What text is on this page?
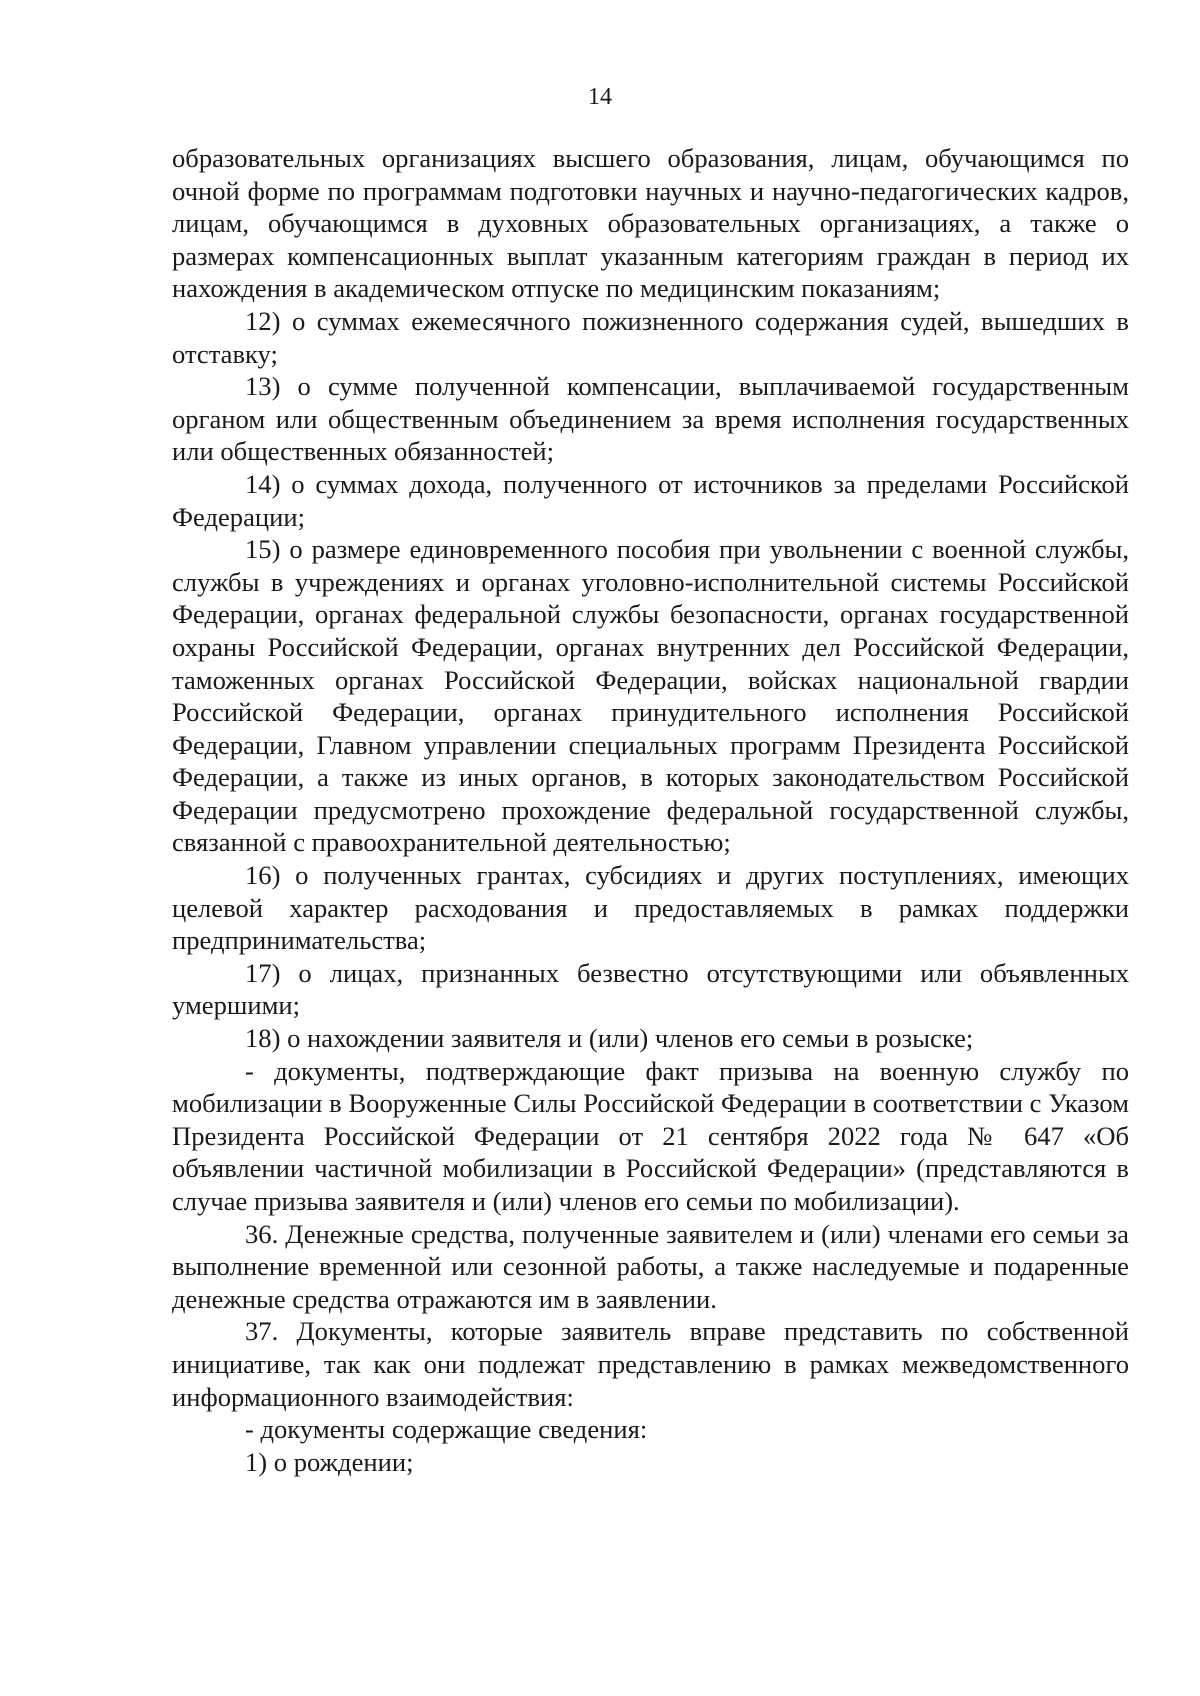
14

образовательных организациях высшего образования, лицам, обучающимся по очной форме по программам подготовки научных и научно-педагогических кадров, лицам, обучающимся в духовных образовательных организациях, а также о размерах компенсационных выплат указанным категориям граждан в период их нахождения в академическом отпуске по медицинским показаниям;

12) о суммах ежемесячного пожизненного содержания судей, вышедших в отставку;

13) о сумме полученной компенсации, выплачиваемой государственным органом или общественным объединением за время исполнения государственных или общественных обязанностей;

14) о суммах дохода, полученного от источников за пределами Российской Федерации;

15) о размере единовременного пособия при увольнении с военной службы, службы в учреждениях и органах уголовно-исполнительной системы Российской Федерации, органах федеральной службы безопасности, органах государственной охраны Российской Федерации, органах внутренних дел Российской Федерации, таможенных органах Российской Федерации, войсках национальной гвардии Российской Федерации, органах принудительного исполнения Российской Федерации, Главном управлении специальных программ Президента Российской Федерации, а также из иных органов, в которых законодательством Российской Федерации предусмотрено прохождение федеральной государственной службы, связанной с правоохранительной деятельностью;

16) о полученных грантах, субсидиях и других поступлениях, имеющих целевой характер расходования и предоставляемых в рамках поддержки предпринимательства;

17) о лицах, признанных безвестно отсутствующими или объявленных умершими;

18) о нахождении заявителя и (или) членов его семьи в розыске;

- документы, подтверждающие факт призыва на военную службу по мобилизации в Вооруженные Силы Российской Федерации в соответствии с Указом Президента Российской Федерации от 21 сентября 2022 года № 647 «Об объявлении частичной мобилизации в Российской Федерации» (представляются в случае призыва заявителя и (или) членов его семьи по мобилизации).

36. Денежные средства, полученные заявителем и (или) членами его семьи за выполнение временной или сезонной работы, а также наследуемые и подаренные денежные средства отражаются им в заявлении.

37. Документы, которые заявитель вправе представить по собственной инициативе, так как они подлежат представлению в рамках межведомственного информационного взаимодействия:

- документы содержащие сведения:

1) о рождении;
